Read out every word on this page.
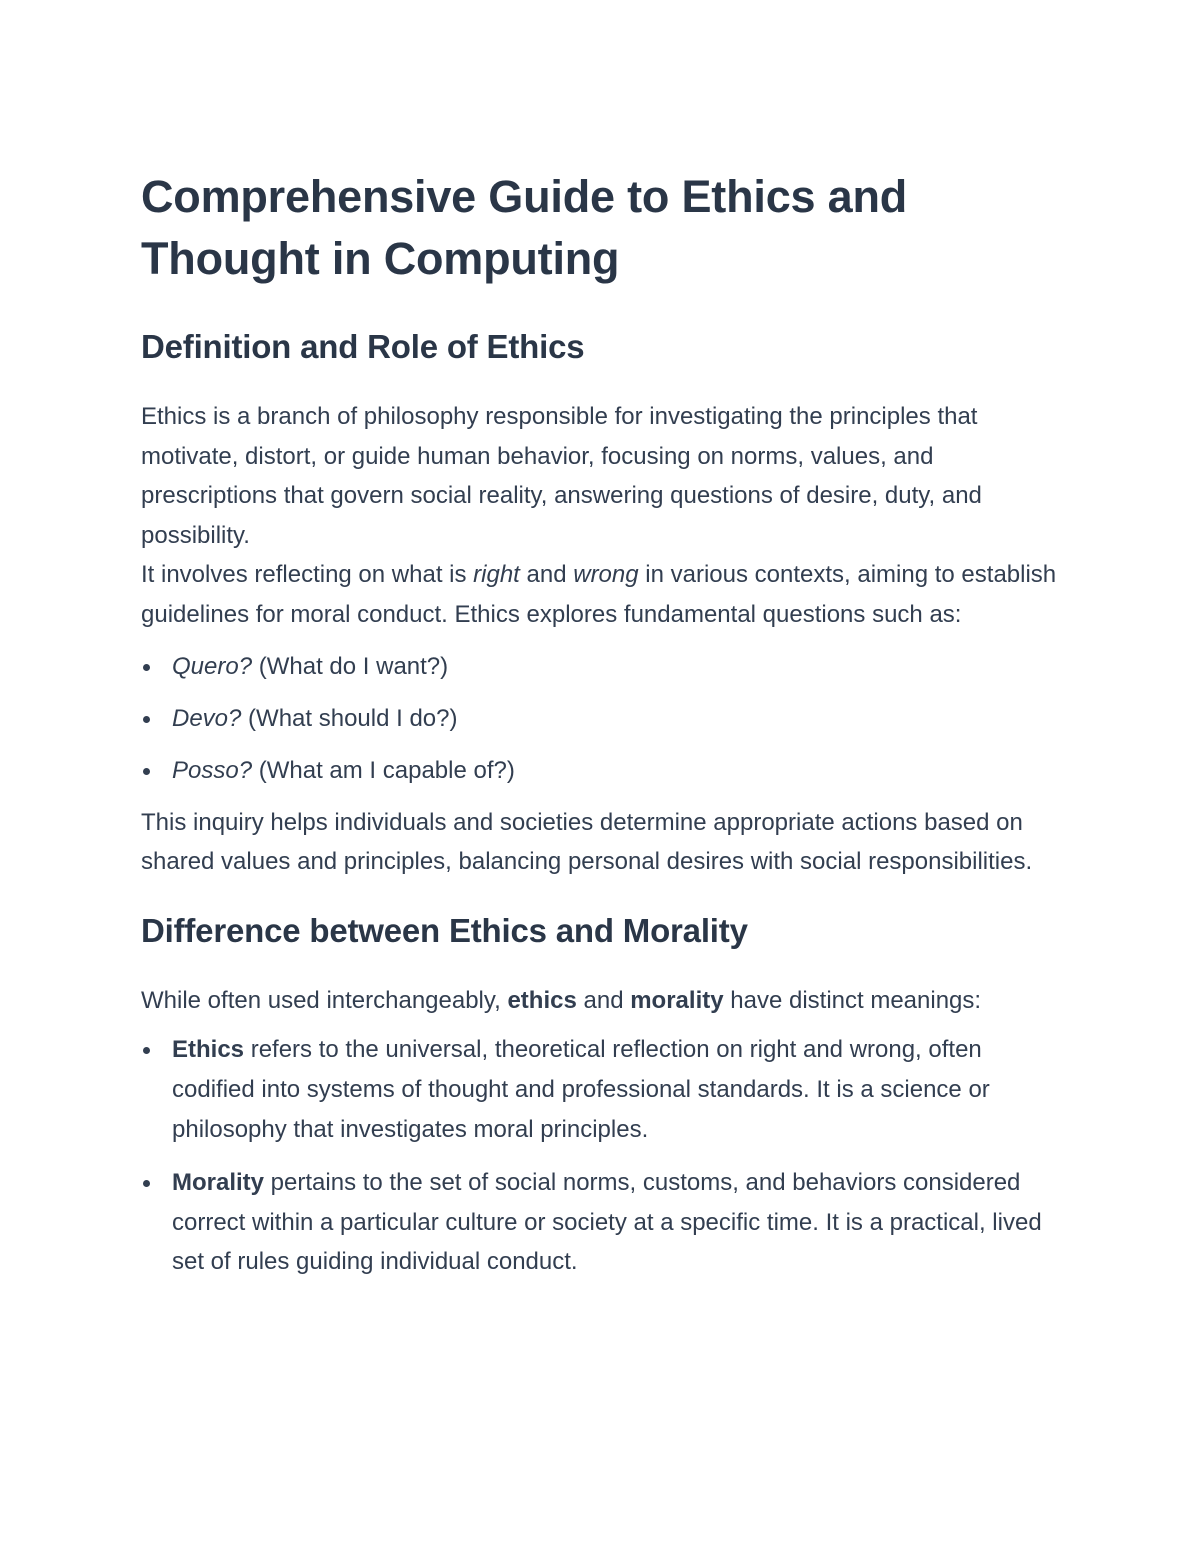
Comprehensive Guide to Ethics and Thought in Computing
Definition and Role of Ethics

Ethics is a branch of philosophy responsible for investigating the principles that motivate, distort, or guide human behavior, focusing on norms, values, and prescriptions that govern social reality, answering questions of desire, duty, and possibility.

It involves reflecting on what is right and wrong in various contexts, aiming to establish guidelines for moral conduct. Ethics explores fundamental questions such as:

Quero? (What do I want?)
Devo? (What should I do?)
Posso? (What am I capable of?)

This inquiry helps individuals and societies determine appropriate actions based on shared values and principles, balancing personal desires with social responsibilities.

Difference between Ethics and Morality

While often used interchangeably, ethics and morality have distinct meanings:

Ethics refers to the universal, theoretical reflection on right and wrong, often codified into systems of thought and professional standards. It is a science or philosophy that investigates moral principles.
Morality pertains to the set of social norms, customs, and behaviors considered correct within a particular culture or society at a specific time. It is a practical, lived set of rules guiding individual conduct.
